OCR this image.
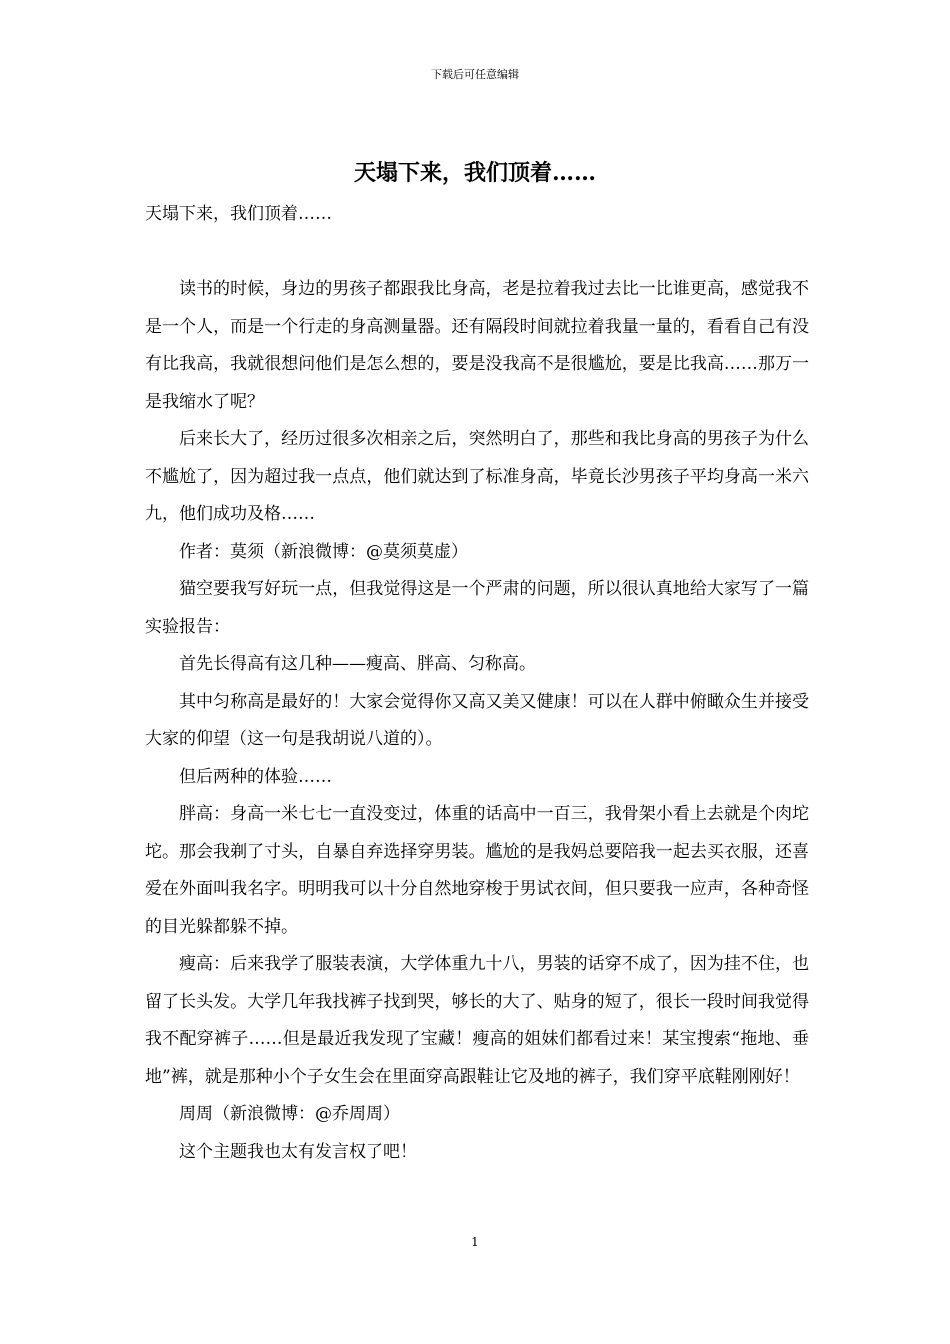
下载后可任意编辑
天塌下来，我们顶着……

天塌下来，我们顶着……

读书的时候，身边的男孩子都跟我比身高，老是拉着我过去比一比谁更高，感觉我不是一个人，而是一个行走的身高测量器。还有隔段时间就拉着我量一量的，看看自己有没有比我高，我就很想问他们是怎么想的，要是没我高不是很尴尬，要是比我高……那万一是我缩水了呢？

后来长大了，经历过很多次相亲之后，突然明白了，那些和我比身高的男孩子为什么不尴尬了，因为超过我一点点，他们就达到了标准身高，毕竟长沙男孩子平均身高一米六九，他们成功及格……

作者：莫须（新浪微博：@莫须莫虚）

猫空要我写好玩一点，但我觉得这是一个严肃的问题，所以很认真地给大家写了一篇实验报告：

首先长得高有这几种——瘦高、胖高、匀称高。

其中匀称高是最好的！大家会觉得你又高又美又健康！可以在人群中俯瞰众生并接受大家的仰望（这一句是我胡说八道的）。

但后两种的体验……

胖高：身高一米七七一直没变过，体重的话高中一百三，我骨架小看上去就是个肉坨坨。那会我剃了寸头，自暴自弃选择穿男装。尴尬的是我妈总要陪我一起去买衣服，还喜爱在外面叫我名字。明明我可以十分自然地穿梭于男试衣间，但只要我一应声，各种奇怪的目光躲都躲不掉。

瘦高：后来我学了服装表演，大学体重九十八，男装的话穿不成了，因为挂不住，也留了长头发。大学几年我找裤子找到哭，够长的大了、贴身的短了，很长一段时间我觉得我不配穿裤子……但是最近我发现了宝藏！瘦高的姐妹们都看过来！某宝搜索“拖地、垂地”裤，就是那种小个子女生会在里面穿高跟鞋让它及地的裤子，我们穿平底鞋刚刚好！

周周（新浪微博：@乔周周）

这个主题我也太有发言权了吧！

1
